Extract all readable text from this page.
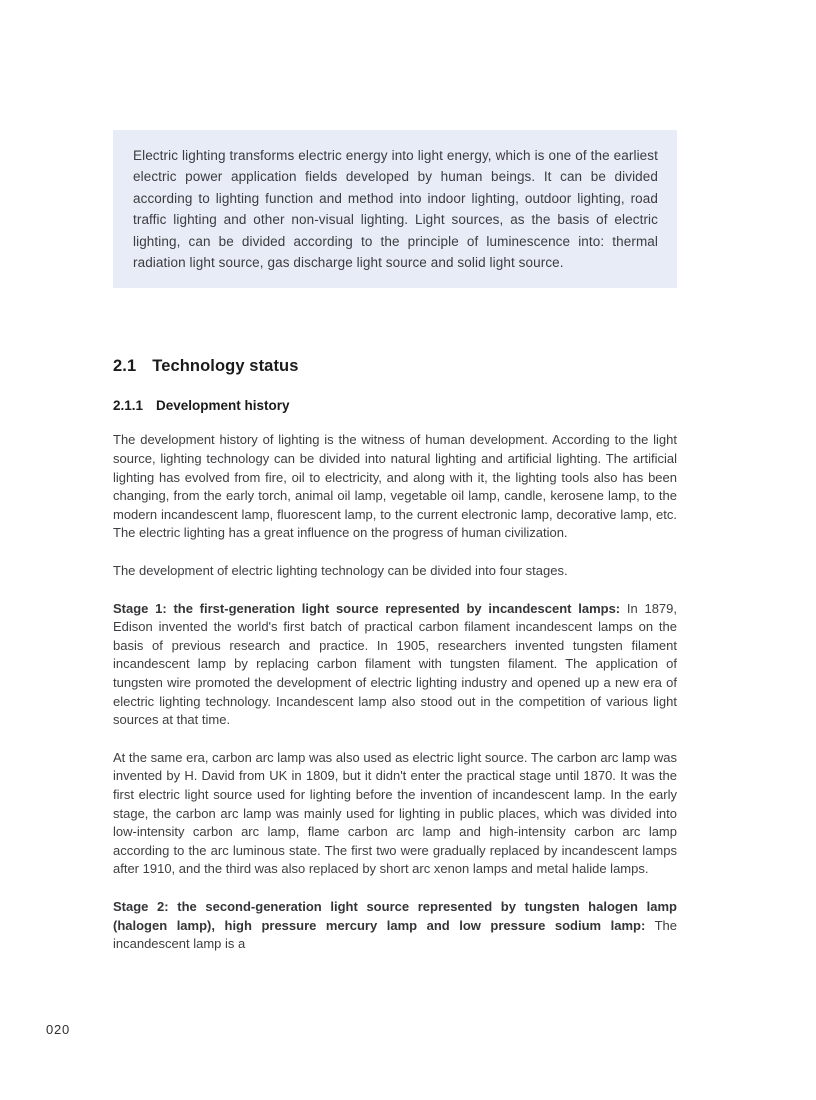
Electric lighting transforms electric energy into light energy, which is one of the earliest electric power application fields developed by human beings. It can be divided according to lighting function and method into indoor lighting, outdoor lighting, road traffic lighting and other non-visual lighting. Light sources, as the basis of electric lighting, can be divided according to the principle of luminescence into: thermal radiation light source, gas discharge light source and solid light source.
2.1 Technology status
2.1.1 Development history

The development history of lighting is the witness of human development. According to the light source, lighting technology can be divided into natural lighting and artificial lighting. The artificial lighting has evolved from fire, oil to electricity, and along with it, the lighting tools also has been changing, from the early torch, animal oil lamp, vegetable oil lamp, candle, kerosene lamp, to the modern incandescent lamp, fluorescent lamp, to the current electronic lamp, decorative lamp, etc. The electric lighting has a great influence on the progress of human civilization.

The development of electric lighting technology can be divided into four stages.

Stage 1: the first-generation light source represented by incandescent lamps: In 1879, Edison invented the world's first batch of practical carbon filament incandescent lamps on the basis of previous research and practice. In 1905, researchers invented tungsten filament incandescent lamp by replacing carbon filament with tungsten filament. The application of tungsten wire promoted the development of electric lighting industry and opened up a new era of electric lighting technology. Incandescent lamp also stood out in the competition of various light sources at that time.

At the same era, carbon arc lamp was also used as electric light source. The carbon arc lamp was invented by H. David from UK in 1809, but it didn't enter the practical stage until 1870. It was the first electric light source used for lighting before the invention of incandescent lamp. In the early stage, the carbon arc lamp was mainly used for lighting in public places, which was divided into low-intensity carbon arc lamp, flame carbon arc lamp and high-intensity carbon arc lamp according to the arc luminous state. The first two were gradually replaced by incandescent lamps after 1910, and the third was also replaced by short arc xenon lamps and metal halide lamps.

Stage 2: the second-generation light source represented by tungsten halogen lamp (halogen lamp), high pressure mercury lamp and low pressure sodium lamp: The incandescent lamp is a

020
